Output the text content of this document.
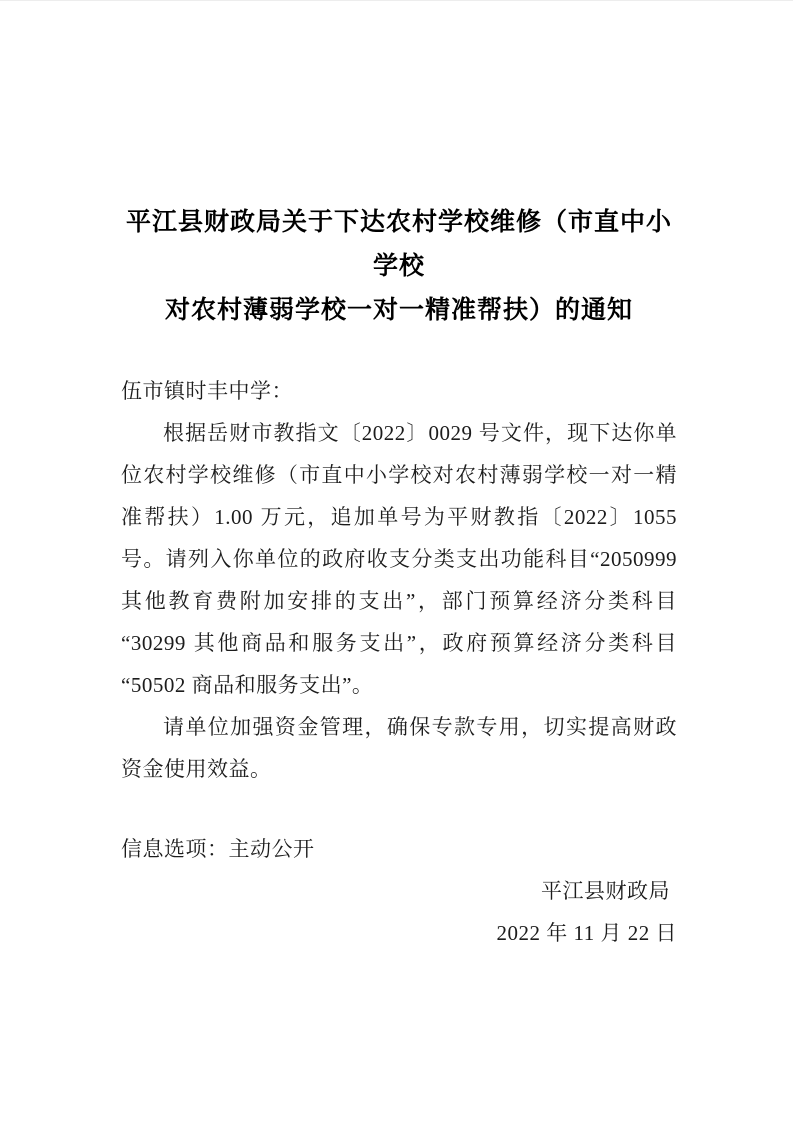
平江县财政局关于下达农村学校维修（市直中小学校
对农村薄弱学校一对一精准帮扶）的通知

伍市镇时丰中学：

根据岳财市教指文〔2022〕0029 号文件，现下达你单位农村学校维修（市直中小学校对农村薄弱学校一对一精准帮扶）1.00 万元，追加单号为平财教指〔2022〕1055 号。请列入你单位的政府收支分类支出功能科目“2050999 其他教育费附加安排的支出”，部门预算经济分类科目“30299 其他商品和服务支出”，政府预算经济分类科目“50502 商品和服务支出”。

请单位加强资金管理，确保专款专用，切实提高财政资金使用效益。

信息选项：主动公开

平江县财政局

2022 年 11 月 22 日
